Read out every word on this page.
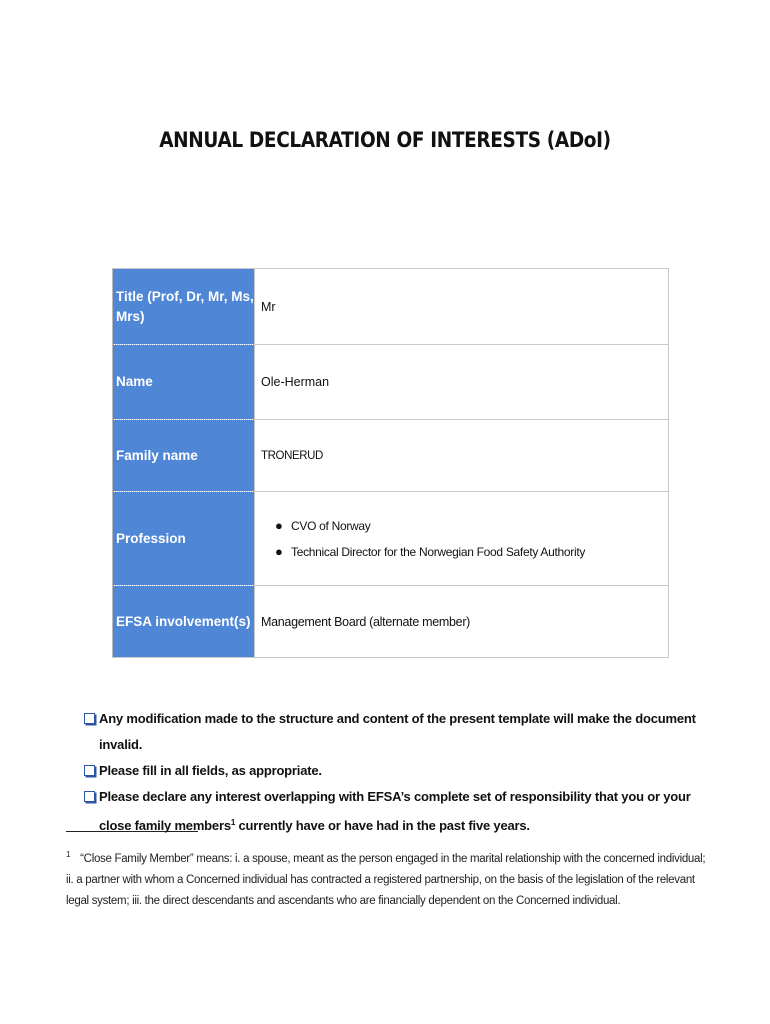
ANNUAL DECLARATION OF INTERESTS (ADoI)
Title (Prof, Dr, Mr, Ms, Mrs)
Mr
Name	Ole-Herman
Family name	TRONERUD
Profession
● CVO of Norway
● Technical Director for the Norwegian Food Safety Authority
EFSA involvement(s) Management Board (alternate member)
Any modification made to the structure and content of the present template will make the document invalid.
Please fill in all fields, as appropriate.
Please declare any interest overlapping with EFSA’s complete set of responsibility that you or your close family members$^1$ currently have or have had in the past five years.
$^1$ “Close Family Member” means: i. a spouse, meant as the person engaged in the marital relationship with the concerned individual; ii. a partner with whom a Concerned individual has contracted a registered partnership, on the basis of the legislation of the relevant legal system; iii. the direct descendants and ascendants who are financially dependent on the Concerned individual.
